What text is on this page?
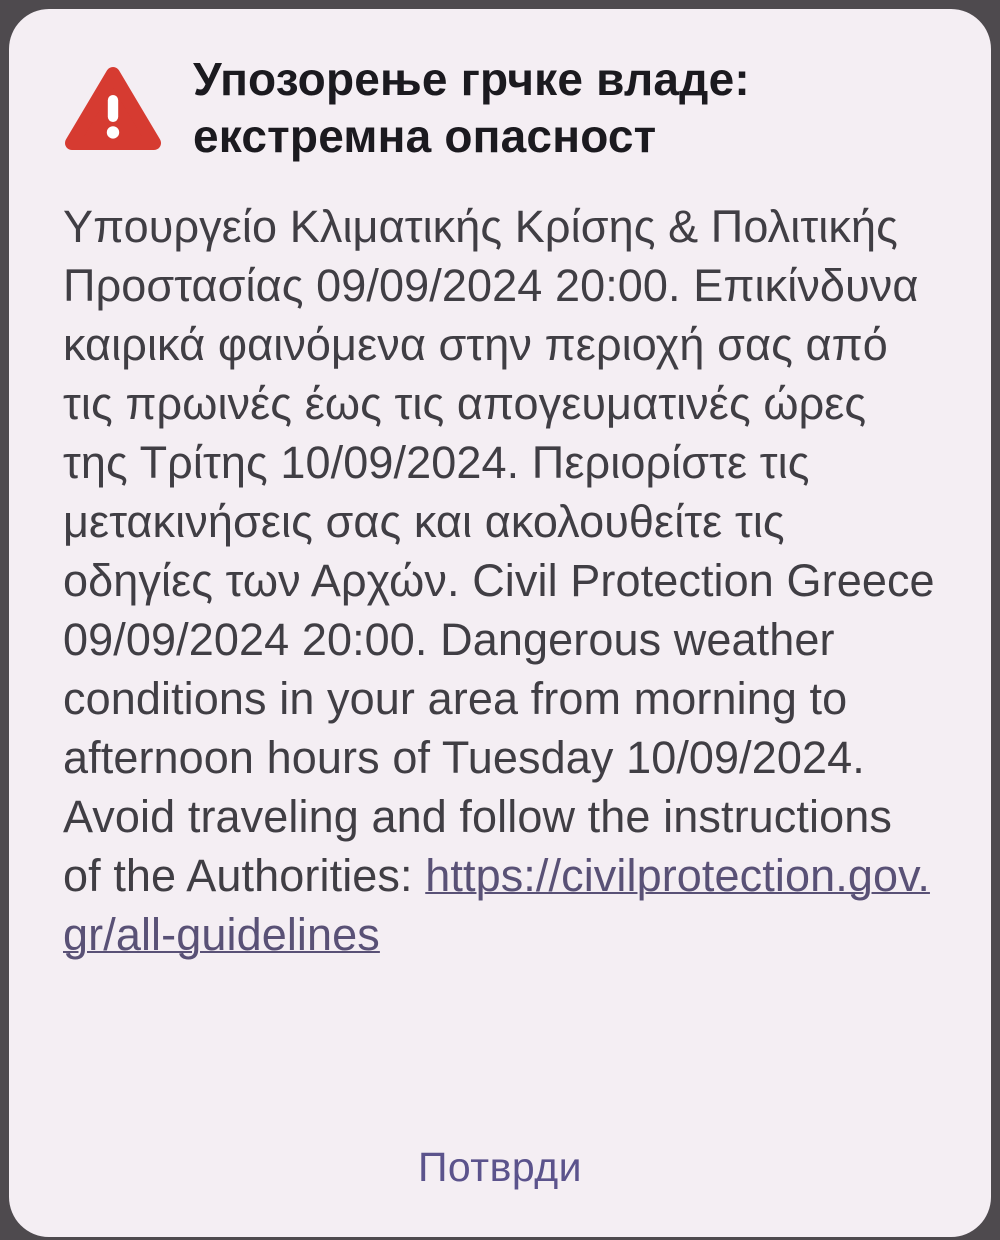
Упозорење грчке владе: екстремна опасност

Υπουργείο Κλιματικής Κρίσης & Πολιτικής Προστασίας 09/09/2024 20:00. Επικίνδυνα καιρικά φαινόμενα στην περιοχή σας από τις πρωινές έως τις απογευματινές ώρες της Τρίτης 10/09/2024. Περιορίστε τις μετακινήσεις σας και ακολουθείτε τις οδηγίες των Αρχών. Civil Protection Greece 09/09/2024 20:00. Dangerous weather conditions in your area from morning to afternoon hours of Tuesday 10/09/2024. Avoid traveling and follow the instructions of the Authorities: https://civilprotection.gov.gr/all-guidelines

Потврди
